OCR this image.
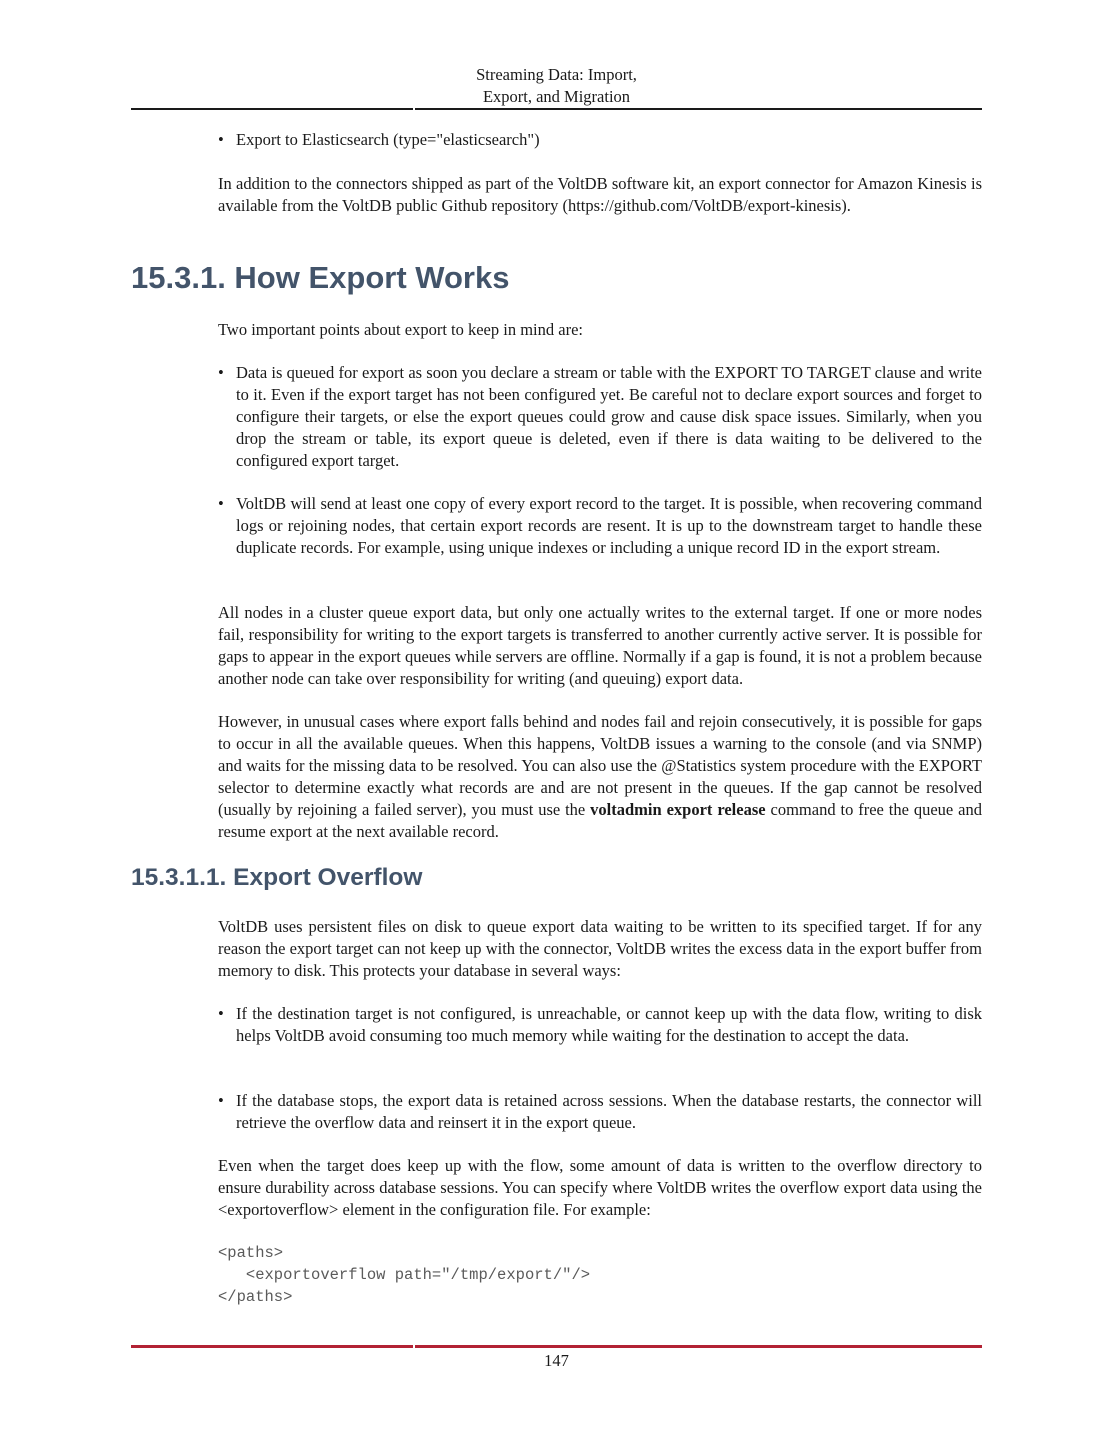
Streaming Data: Import,
Export, and Migration
• Export to Elasticsearch (type="elasticsearch")
In addition to the connectors shipped as part of the VoltDB software kit, an export connector for Amazon Kinesis is available from the VoltDB public Github repository (https://github.com/VoltDB/export-kinesis).
15.3.1. How Export Works
Two important points about export to keep in mind are:
• Data is queued for export as soon you declare a stream or table with the EXPORT TO TARGET clause and write to it. Even if the export target has not been configured yet. Be careful not to declare export sources and forget to configure their targets, or else the export queues could grow and cause disk space issues. Similarly, when you drop the stream or table, its export queue is deleted, even if there is data waiting to be delivered to the configured export target.
• VoltDB will send at least one copy of every export record to the target. It is possible, when recovering command logs or rejoining nodes, that certain export records are resent. It is up to the downstream target to handle these duplicate records. For example, using unique indexes or including a unique record ID in the export stream.
All nodes in a cluster queue export data, but only one actually writes to the external target. If one or more nodes fail, responsibility for writing to the export targets is transferred to another currently active server. It is possible for gaps to appear in the export queues while servers are offline. Normally if a gap is found, it is not a problem because another node can take over responsibility for writing (and queuing) export data.
However, in unusual cases where export falls behind and nodes fail and rejoin consecutively, it is possible for gaps to occur in all the available queues. When this happens, VoltDB issues a warning to the console (and via SNMP) and waits for the missing data to be resolved. You can also use the @Statistics system procedure with the EXPORT selector to determine exactly what records are and are not present in the queues. If the gap cannot be resolved (usually by rejoining a failed server), you must use the voltadmin export release command to free the queue and resume export at the next available record.
15.3.1.1. Export Overflow
VoltDB uses persistent files on disk to queue export data waiting to be written to its specified target. If for any reason the export target can not keep up with the connector, VoltDB writes the excess data in the export buffer from memory to disk. This protects your database in several ways:
• If the destination target is not configured, is unreachable, or cannot keep up with the data flow, writing to disk helps VoltDB avoid consuming too much memory while waiting for the destination to accept the data.
• If the database stops, the export data is retained across sessions. When the database restarts, the connector will retrieve the overflow data and reinsert it in the export queue.
Even when the target does keep up with the flow, some amount of data is written to the overflow directory to ensure durability across database sessions. You can specify where VoltDB writes the overflow export data using the <exportoverflow> element in the configuration file. For example:
<paths>
<exportoverflow path="/tmp/export/"/>
</paths>
147
